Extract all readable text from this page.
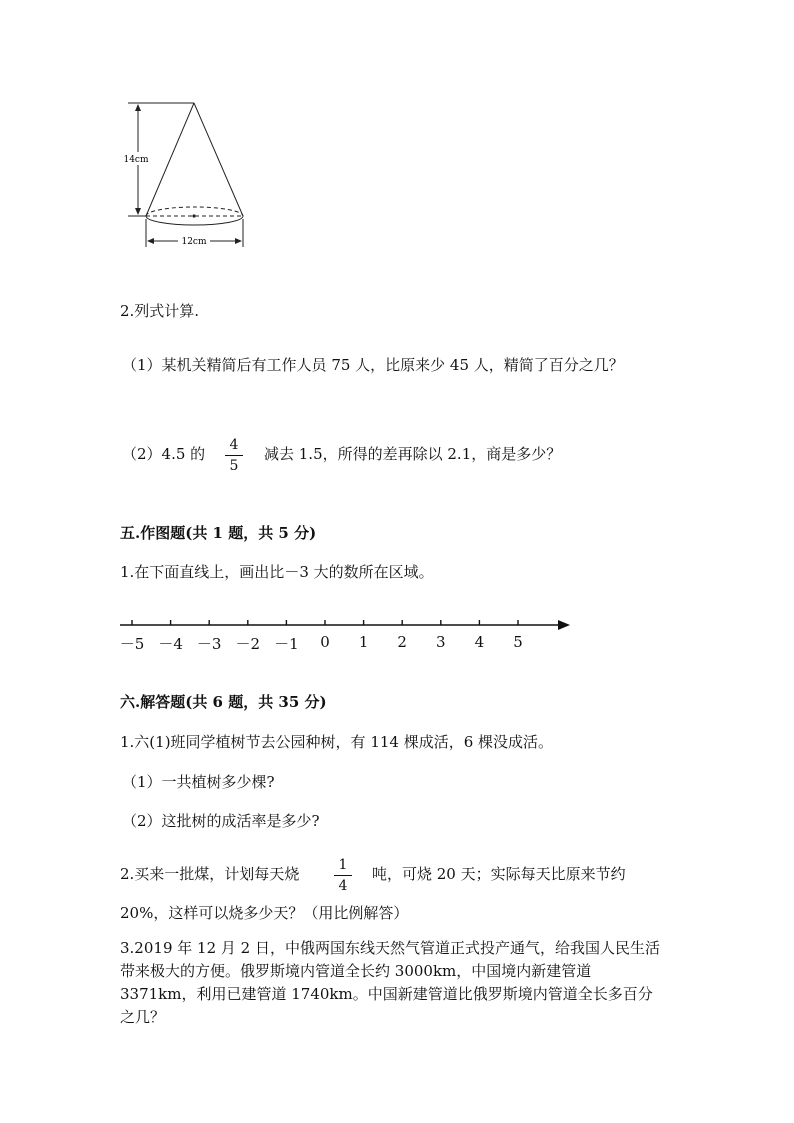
14cm
12cm
2.列式计算.
（1）某机关精简后有工作人员 75 人，比原来少 45 人，精简了百分之几？
（2）4.5 的	4
5
减去 1.5，所得的差再除以 2.1，商是多少？
五.作图题(共 1 题，共 5 分)
1.在下面直线上，画出比－3 大的数所在区域。
－5 －4 －3 －2 －1	0	1	2	3	4	5
六.解答题(共 6 题，共 35 分)
1.六(1)班同学植树节去公园种树，有 114 棵成活，6 棵没成活。
（1）一共植树多少棵?
（2）这批树的成活率是多少?
2.买来一批煤，计划每天烧	1
4
吨，可烧 20 天；实际每天比原来节约
20%，这样可以烧多少天？（用比例解答）
3.2019 年 12 月 2 日，中俄两国东线天然气管道正式投产通气，给我国人民生活带来极大的方便。俄罗斯境内管道全长约 3000km，中国境内新建管道 3371km，利用已建管道 1740km。中国新建管道比俄罗斯境内管道全长多百分之几？
